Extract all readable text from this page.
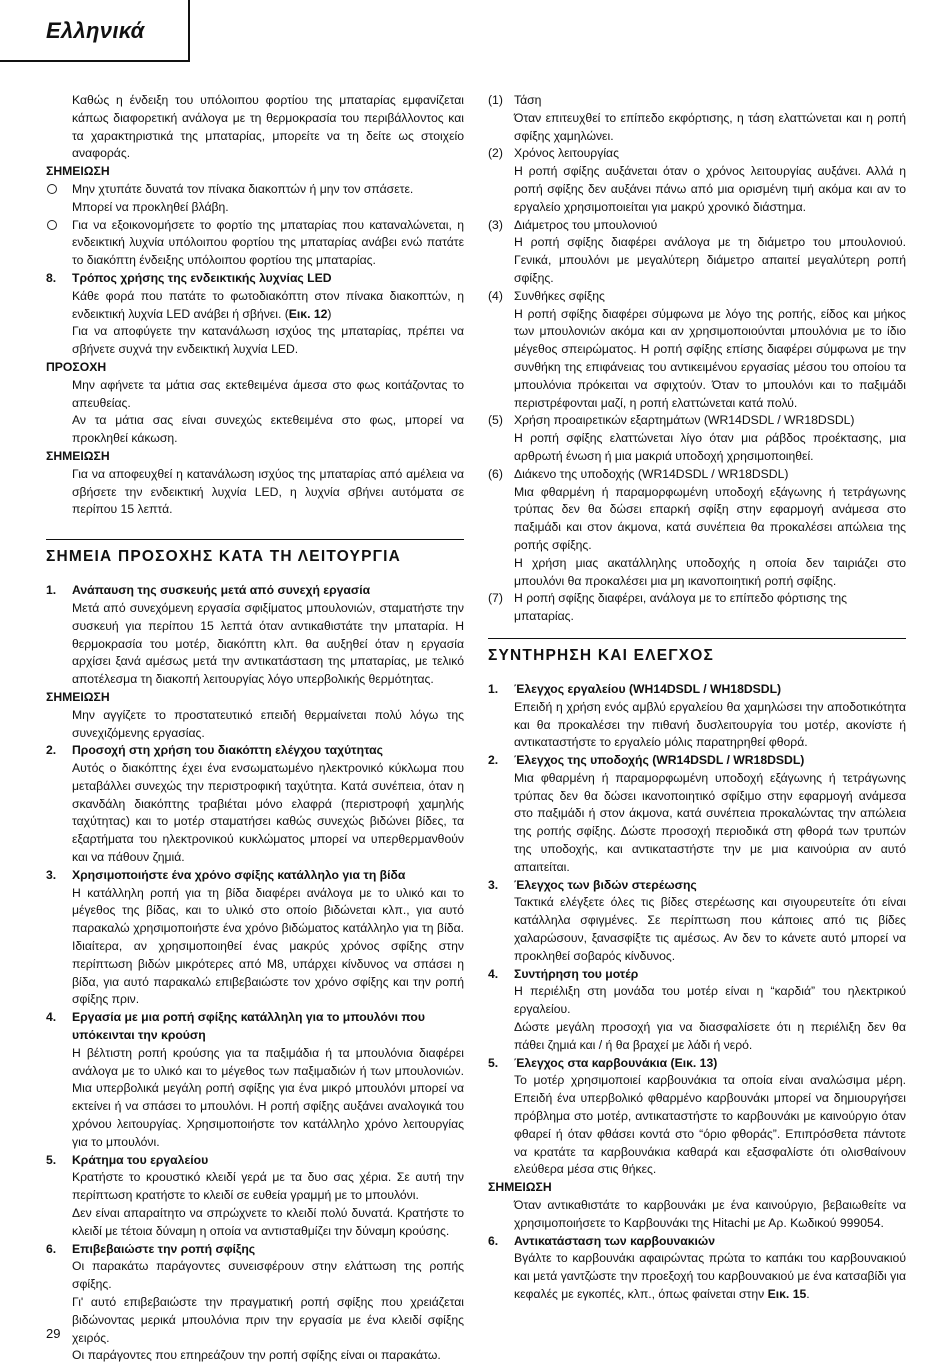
Ελληνικά

Καθώς η ένδειξη του υπόλοιπου φορτίου της μπαταρίας εμφανίζεται κάπως διαφορετική ανάλογα με τη θερμοκρασία του περιβάλλοντος και τα χαρακτηριστικά της μπαταρίας, μπορείτε να τη δείτε ως στοιχείο αναφοράς.

ΣΗΜΕΙΩΣΗ

Μην χτυπάτε δυνατά τον πίνακα διακοπτών ή μην τον σπάσετε.
Μπορεί να προκληθεί βλάβη.

Για να εξοικονομήσετε το φορτίο της μπαταρίας που καταναλώνεται, η ενδεικτική λυχνία υπόλοιπου φορτίου της μπαταρίας ανάβει ενώ πατάτε το διακόπτη ένδειξης υπόλοιπου φορτίου της μπαταρίας.

8. Τρόπος χρήσης της ενδεικτικής λυχνίας LED

Κάθε φορά που πατάτε το φωτοδιακόπτη στον πίνακα διακοπτών, η ενδεικτική λυχνία LED ανάβει ή σβήνει. (Εικ. 12)

Για να αποφύγετε την κατανάλωση ισχύος της μπαταρίας, πρέπει να σβήνετε συχνά την ενδεικτική λυχνία LED.

ΠΡΟΣΟΧΗ

Μην αφήνετε τα μάτια σας εκτεθειμένα άμεσα στο φως κοιτάζοντας το απευθείας.

Αν τα μάτια σας είναι συνεχώς εκτεθειμένα στο φως, μπορεί να προκληθεί κάκωση.

ΣΗΜΕΙΩΣΗ

Για να αποφευχθεί η κατανάλωση ισχύος της μπαταρίας από αμέλεια να σβήσετε την ενδεικτική λυχνία LED, η λυχνία σβήνει αυτόματα σε περίπου 15 λεπτά.

ΣΗΜΕΙΑ ΠΡΟΣΟΧΗΣ ΚΑΤΑ ΤΗ ΛΕΙΤΟΥΡΓΙΑ
1. Ανάπαυση της συσκευής μετά από συνεχή εργασία

Μετά από συνεχόμενη εργασία σφιξίματος μπουλονιών, σταματήστε την συσκευή για περίπου 15 λεπτά όταν αντικαθιστάτε την μπαταρία. Η θερμοκρασία του μοτέρ, διακόπτη κλπ. θα αυξηθεί όταν η εργασία αρχίσει ξανά αμέσως μετά την αντικατάσταση της μπαταρίας, με τελικό αποτέλεσμα τη διακοπή λειτουργίας λόγο υπερβολικής θερμότητας.

ΣΗΜΕΙΩΣΗ

Μην αγγίζετε το προστατευτικό επειδή θερμαίνεται πολύ λόγω της συνεχιζόμενης εργασίας.

2. Προσοχή στη χρήση του διακόπτη ελέγχου ταχύτητας

Αυτός ο διακόπτης έχει ένα ενσωματωμένο ηλεκτρονικό κύκλωμα που μεταβάλλει συνεχώς την περιστροφική ταχύτητα. Κατά συνέπεια, όταν η σκανδάλη διακόπτης τραβιέται μόνο ελαφρά (περιστροφή χαμηλής ταχύτητας) και το μοτέρ σταματήσει καθώς συνεχώς βιδώνει βίδες, τα εξαρτήματα του ηλεκτρονικού κυκλώματος μπορεί να υπερθερμανθούν και να πάθουν ζημιά.

3. Χρησιμοποιήστε ένα χρόνο σφίξης κατάλληλο για τη βίδα

Η κατάλληλη ροπή για τη βίδα διαφέρει ανάλογα με το υλικό και το μέγεθος της βίδας, και το υλικό στο οποίο βιδώνεται κλπ., για αυτό παρακαλώ χρησιμοποιήστε ένα χρόνο βιδώματος κατάλληλο για τη βίδα. Ιδιαίτερα, αν χρησιμοποιηθεί ένας μακρύς χρόνος σφίξης στην περίπτωση βιδών μικρότερες από Μ8, υπάρχει κίνδυνος να σπάσει η βίδα, για αυτό παρακαλώ επιβεβαιώστε τον χρόνο σφίξης και την ροπή σφίξης πριν.

4. Εργασία με μια ροπή σφίξης κατάλληλη για το μπουλόνι που υπόκεινται την κρούση

Η βέλτιστη ροπή κρούσης για τα παξιμάδια ή τα μπουλόνια διαφέρει ανάλογα με το υλικό και το μέγεθος των παξιμαδιών ή των μπουλονιών. Μια υπερβολικά μεγάλη ροπή σφίξης για ένα μικρό μπουλόνι μπορεί να εκτείνει ή να σπάσει το μπουλόνι. Η ροπή σφίξης αυξάνει αναλογικά του χρόνου λειτουργίας. Χρησιμοποιήστε τον κατάλληλο χρόνο λειτουργίας για το μπουλόνι.

5. Κράτημα του εργαλείου

Κρατήστε το κρουστικό κλειδί γερά με τα δυο σας χέρια. Σε αυτή την περίπτωση κρατήστε το κλειδί σε ευθεία γραμμή με το μπουλόνι.

Δεν είναι απαραίτητο να σπρώχνετε το κλειδί πολύ δυνατά. Κρατήστε το κλειδί με τέτοια δύναμη η οποία να αντισταθμίζει την δύναμη κρούσης.

6. Επιβεβαιώστε την ροπή σφίξης

Οι παρακάτω παράγοντες συνεισφέρουν στην ελάττωση της ροπής σφίξης.

Γι' αυτό επιβεβαιώστε την πραγματική ροπή σφίξης που χρειάζεται βιδώνοντας μερικά μπουλόνια πριν την εργασία με ένα κλειδί σφίξης χειρός.

Οι παράγοντες που επηρεάζουν την ροπή σφίξης είναι οι παρακάτω.

(1) Τάση

Όταν επιτευχθεί το επίπεδο εκφόρτισης, η τάση ελαττώνεται και η ροπή σφίξης χαμηλώνει.

(2) Χρόνος λειτουργίας

Η ροπή σφίξης αυξάνεται όταν ο χρόνος λειτουργίας αυξάνει. Αλλά η ροπή σφίξης δεν αυξάνει πάνω από μια ορισμένη τιμή ακόμα και αν το εργαλείο χρησιμοποιείται για μακρύ χρονικό διάστημα.

(3) Διάμετρος του μπουλονιού

Η ροπή σφίξης διαφέρει ανάλογα με τη διάμετρο του μπουλονιού. Γενικά, μπουλόνι με μεγαλύτερη διάμετρο απαιτεί μεγαλύτερη ροπή σφίξης.

(4) Συνθήκες σφίξης

Η ροπή σφίξης διαφέρει σύμφωνα με λόγο της ροπής, είδος και μήκος των μπουλονιών ακόμα και αν χρησιμοποιούνται μπουλόνια με το ίδιο μέγεθος σπειρώματος. Η ροπή σφίξης επίσης διαφέρει σύμφωνα με την συνθήκη της επιφάνειας του αντικειμένου εργασίας μέσου του οποίου τα μπουλόνια πρόκειται να σφιχτούν. Όταν το μπουλόνι και το παξιμάδι περιστρέφονται μαζί, η ροπή ελαττώνεται κατά πολύ.

(5) Χρήση προαιρετικών εξαρτημάτων (WR14DSDL / WR18DSDL)

Η ροπή σφίξης ελαττώνεται λίγο όταν μια ράβδος προέκτασης, μια αρθρωτή ένωση ή μια μακριά υποδοχή χρησιμοποιηθεί.

(6) Διάκενο της υποδοχής (WR14DSDL / WR18DSDL)

Μια φθαρμένη ή παραμορφωμένη υποδοχή εξάγωνης ή τετράγωνης τρύπας δεν θα δώσει επαρκή σφίξη στην εφαρμογή ανάμεσα στο παξιμάδι και στον άκμονα, κατά συνέπεια θα προκαλέσει απώλεια της ροπής σφίξης.

Η χρήση μιας ακατάλληλης υποδοχής η οποία δεν ταιριάζει στο μπουλόνι θα προκαλέσει μια μη ικανοποιητική ροπή σφίξης.

(7) Η ροπή σφίξης διαφέρει, ανάλογα με το επίπεδο φόρτισης της μπαταρίας.
ΣΥΝΤΗΡΗΣΗ ΚΑΙ ΕΛΕΓΧΟΣ
1. Έλεγχος εργαλείου (WH14DSDL / WH18DSDL)

Επειδή η χρήση ενός αμβλύ εργαλείου θα χαμηλώσει την αποδοτικότητα και θα προκαλέσει την πιθανή δυσλειτουργία του μοτέρ, ακονίστε ή αντικαταστήστε το εργαλείο μόλις παρατηρηθεί φθορά.

2. Έλεγχος της υποδοχής (WR14DSDL / WR18DSDL)

Μια φθαρμένη ή παραμορφωμένη υποδοχή εξάγωνης ή τετράγωνης τρύπας δεν θα δώσει ικανοποιητικό σφίξιμο στην εφαρμογή ανάμεσα στο παξιμάδι ή στον άκμονα, κατά συνέπεια προκαλώντας την απώλεια της ροπής σφίξης. Δώστε προσοχή περιοδικά στη φθορά των τρυπών της υποδοχής, και αντικαταστήστε την με μια καινούρια αν αυτό απαιτείται.

3. Έλεγχος των βιδών στερέωσης

Τακτικά ελέγξετε όλες τις βίδες στερέωσης και σιγουρευτείτε ότι είναι κατάλληλα σφιγμένες. Σε περίπτωση που κάποιες από τις βίδες χαλαρώσουν, ξανασφίξτε τις αμέσως. Αν δεν το κάνετε αυτό μπορεί να προκληθεί σοβαρός κίνδυνος.

4. Συντήρηση του μοτέρ

Η περιέλιξη στη μονάδα του μοτέρ είναι η “καρδιά” του ηλεκτρικού εργαλείου.

Δώστε μεγάλη προσοχή για να διασφαλίσετε ότι η περιέλιξη δεν θα πάθει ζημιά και / ή θα βραχεί με λάδι ή νερό.

5. Έλεγχος στα καρβουνάκια (Εικ. 13)

Το μοτέρ χρησιμοποιεί καρβουνάκια τα οποία είναι αναλώσιμα μέρη. Επειδή ένα υπερβολικό φθαρμένο καρβουνάκι μπορεί να δημιουργήσει πρόβλημα στο μοτέρ, αντικαταστήστε το καρβουνάκι με καινούργιο όταν φθαρεί ή όταν φθάσει κοντά στο “όριο φθοράς”. Επιπρόσθετα πάντοτε να κρατάτε τα καρβουνάκια καθαρά και εξασφαλίστε ότι ολισθαίνουν ελεύθερα μέσα στις θήκες.

ΣΗΜΕΙΩΣΗ

Όταν αντικαθιστάτε το καρβουνάκι με ένα καινούργιο, βεβαιωθείτε να χρησιμοποιήσετε το Καρβουνάκι της Hitachi με Αρ. Κωδικού 999054.

6. Αντικατάσταση των καρβουνακιών

Βγάλτε το καρβουνάκι αφαιρώντας πρώτα το καπάκι του καρβουνακιού και μετά γαντζώστε την προεξοχή του καρβουνακιού με ένα κατσαβίδι για κεφαλές με εγκοπές, κλπ., όπως φαίνεται στην Εικ. 15.

29
